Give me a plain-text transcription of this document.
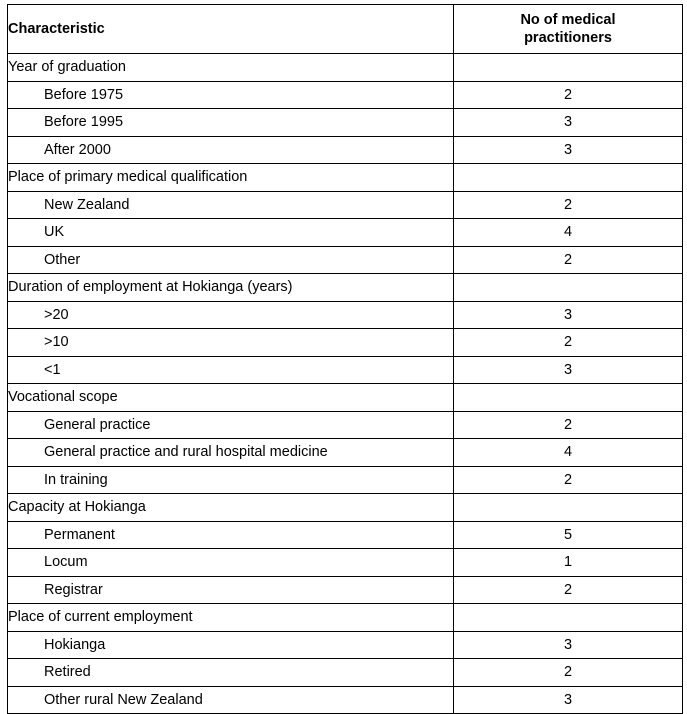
Characteristic	No of medical
practitioners
Year of graduation	
Before 1975	2
Before 1995	3
After 2000	3
Place of primary medical qualification	
New Zealand	2
UK	4
Other	2
Duration of employment at Hokianga (years)	
>20	3
>10	2
<1	3
Vocational scope	
General practice	2
General practice and rural hospital medicine	4
In training	2
Capacity at Hokianga	
Permanent	5
Locum	1
Registrar	2
Place of current employment	
Hokianga	3
Retired	2
Other rural New Zealand	3
